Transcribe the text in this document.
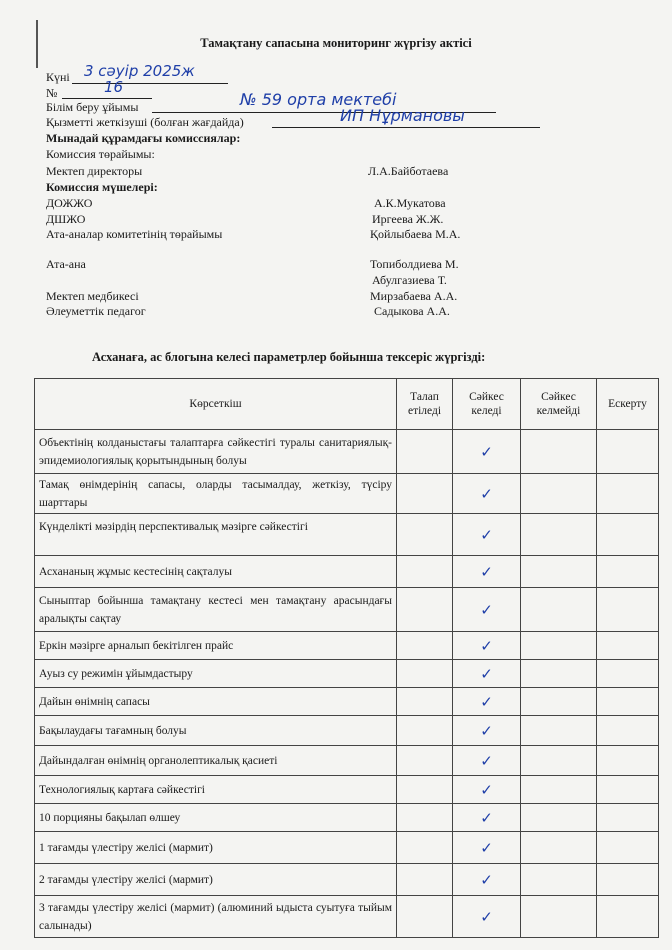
Тамақтану сапасына мониторинг жүргізу актісі
Күні 3 сәуір 2025ж
№	16
Білім беру ұйымы	№ 59 орта мектебі
Қызметті жеткізуші (болған жағдайда)	ИП Нұрмановы
Мынадай құрамдағы комиссиялар:
Комиссия төрайымы:
Мектеп директоры	Л.А.Байботаева
Комиссия мүшелері:
ДОЖЖО	А.К.Мукатова
ДШЖО	Иргеева Ж.Ж.
Ата-аналар комитетінің төрайымы	Қойлыбаева М.А.
Ата-ана	Топиболдиева М.
Абулгазиева Т.
Мектеп медбикесі	Мирзабаева А.А.
Әлеуметтік педагог	Садыкова А.А.
Асханаға, ас блогына келесі параметрлер бойынша тексеріс жүргізді:
Көрсеткіш	Талап етіледі	Сәйкес келеді	Сәйкес келмейді	Ескерту
Объектінің колданыстағы талаптарға сәйкестігі туралы санитариялық-эпидемиологиялық қорытындының болуы		✓		
Тамақ өнімдерінің сапасы, оларды тасымалдау, жеткізу, түсіру шарттары		✓		
Күнделікті мәзірдің перспективалық мәзірге сәйкестігі		✓		
Асхананың жұмыс кестесінің сақталуы		✓		
Сыныптар бойынша тамақтану кестесі мен тамақтану арасындағы аралықты сақтау		✓		
Еркін мәзірге арналып бекітілген прайс		✓		
Ауыз су режимін ұйымдастыру		✓		
Дайын өнімнің сапасы		✓		
Бақылаудағы тағамның болуы		✓		
Дайындалған өнімнің органолептикалық қасиеті		✓		
Технологиялық картаға сәйкестігі		✓		
10 порцияны бақылап өлшеу		✓		
1 тағамды үлестіру желісі (мармит)		✓		
2 тағамды үлестіру желісі (мармит)		✓		
3 тағамды үлестіру желісі (мармит) (алюминий ыдыста суытуға тыйым салынады)		✓		
